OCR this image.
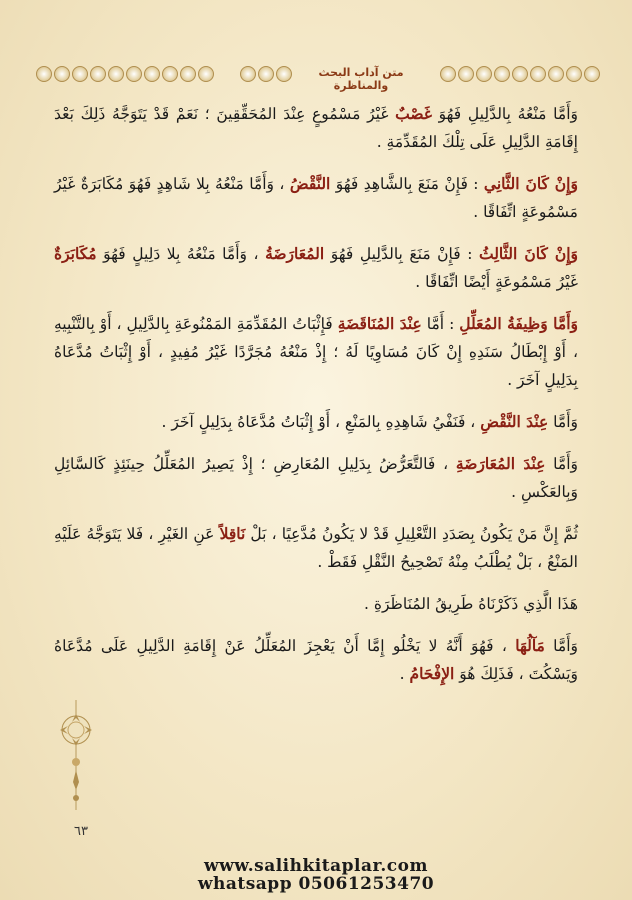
متن آداب البحث والمناظرة

وَأَمَّا مَنْعُهُ بِالدَّلِيلِ فَهُوَ غَصْبٌ غَيْرُ مَسْمُوعٍ عِنْدَ المُحَقِّقِينَ ؛ نَعَمْ قَدْ يَتَوَجَّهُ ذَلِكَ بَعْدَ إِقَامَةِ الدَّلِيلِ عَلَى تِلْكَ المُقَدِّمَةِ .

وَإِنْ كَانَ الثَّانِي : فَإِنْ مَنَعَ بِالشَّاهِدِ فَهُوَ النَّقْضُ ، وَأَمَّا مَنْعُهُ بِلا شَاهِدٍ فَهُوَ مُكَابَرَةٌ غَيْرُ مَسْمُوعَةٍ اتِّفَاقًا .

وَإِنْ كَانَ الثَّالِثُ : فَإِنْ مَنَعَ بِالدَّلِيلِ فَهُوَ المُعَارَضَةُ ، وَأَمَّا مَنْعُهُ بِلا دَلِيلٍ فَهُوَ مُكَابَرَةٌ غَيْرُ مَسْمُوعَةٍ أَيْضًا اتِّفَاقًا .

وَأَمَّا وَظِيفَةُ المُعَلِّلِ : أَمَّا عِنْدَ المُنَاقَضَةِ فَإِثْبَاتُ المُقَدِّمَةِ المَمْنُوعَةِ بِالدَّلِيلِ ، أَوْ بِالتَّنْبِيهِ ، أَوْ إِبْطَالُ سَنَدِهِ إِنْ كَانَ مُسَاوِيًا لَهُ ؛ إِذْ مَنْعُهُ مُجَرَّدًا غَيْرُ مُفِيدٍ ، أَوْ إِثْبَاتُ مُدَّعَاهُ بِدَلِيلٍ آخَرَ .

وَأَمَّا عِنْدَ النَّقْضِ ، فَنَفْيُ شَاهِدِهِ بِالمَنْعِ ، أَوْ إِثْبَاتُ مُدَّعَاهُ بِدَلِيلٍ آخَرَ .

وَأَمَّا عِنْدَ المُعَارَضَةِ ، فَالتَّعَرُّضُ بِدَلِيلِ المُعَارِضِ ؛ إِذْ يَصِيرُ المُعَلِّلُ حِينَئِذٍ كَالسَّائِلِ وَبِالعَكْسِ .

ثُمَّ إِنَّ مَنْ يَكُونُ بِصَدَدِ التَّعْلِيلِ قَدْ لا يَكُونُ مُدَّعِيًا ، بَلْ نَاقِلاً عَنِ الغَيْرِ ، فَلا يَتَوَجَّهُ عَلَيْهِ المَنْعُ ، بَلْ يُطْلَبُ مِنْهُ تَصْحِيحُ النَّقْلِ فَقَطْ .

هَذَا الَّذِي ذَكَرْنَاهُ طَرِيقُ المُنَاظَرَةِ .

وَأَمَّا مَآلُهَا ، فَهُوَ أَنَّهُ لا يَخْلُو إِمَّا أَنْ يَعْجِزَ المُعَلِّلُ عَنْ إِقَامَةِ الدَّلِيلِ عَلَى مُدَّعَاهُ وَيَسْكُتَ ، فَذَلِكَ هُوَ الإِفْحَامُ .

٦٣
www.salihkitaplar.com
whatsapp 05061253470
